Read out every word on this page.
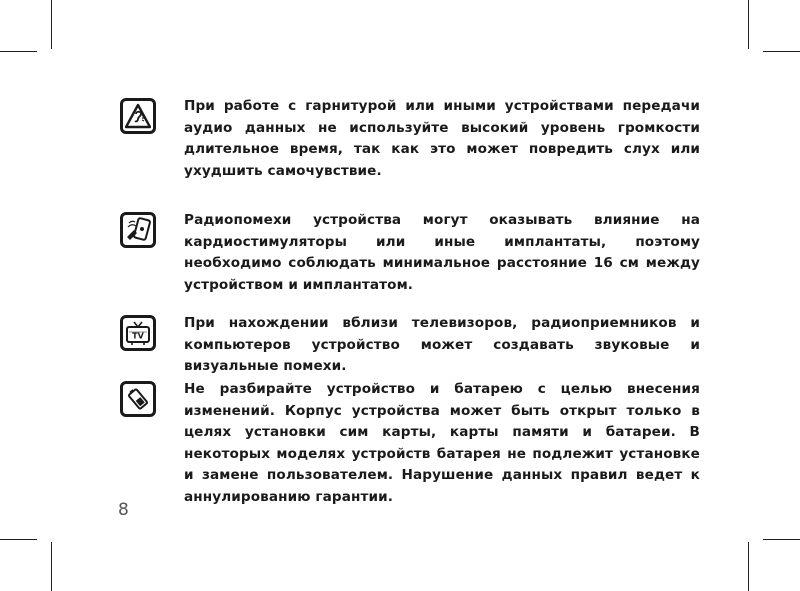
При работе с гарнитурой или иными устройствами передачи аудио данных не используйте высокий уровень громкости длительное время, так как это может повредить слух или ухудшить самочувствие.
Радиопомехи устройства могут оказывать влияние на кардиостимуляторы или иные имплантаты, поэтому необходимо соблюдать минимальное расстояние 16 см между устройством и имплантатом.
TV
При нахождении вблизи телевизоров, радиоприемников и компьютеров устройство может создавать звуковые и визуальные помехи.
Не разбирайте устройство и батарею с целью внесения изменений. Корпус устройства может быть открыт только в целях установки сим карты, карты памяти и батареи. В некоторых моделях устройств батарея не подлежит установке и замене пользователем. Нарушение данных правил ведет к аннулированию гарантии.
8
